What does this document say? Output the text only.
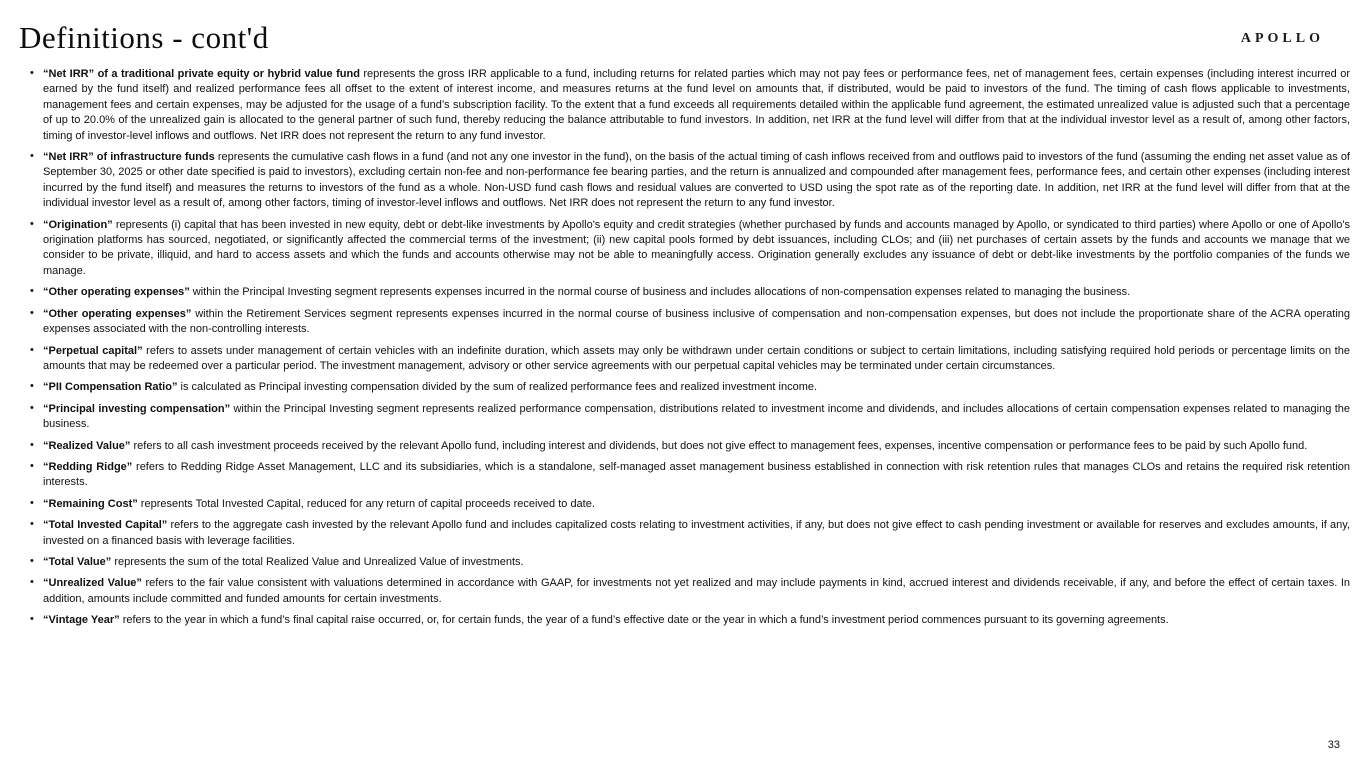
Definitions - cont'd	APOLLO
• “Net IRR” of a traditional private equity or hybrid value fund represents the gross IRR applicable to a fund, including returns for related parties which may not pay fees or performance fees, net of management fees, certain expenses (including interest incurred or earned by the fund itself) and realized performance fees all offset to the extent of interest income, and measures returns at the fund level on amounts that, if distributed, would be paid to investors of the fund. The timing of cash flows applicable to investments, management fees and certain expenses, may be adjusted for the usage of a fund’s subscription facility. To the extent that a fund exceeds all requirements detailed within the applicable fund agreement, the estimated unrealized value is adjusted such that a percentage of up to 20.0% of the unrealized gain is allocated to the general partner of such fund, thereby reducing the balance attributable to fund investors. In addition, net IRR at the fund level will differ from that at the individual investor level as a result of, among other factors, timing of investor-level inflows and outflows. Net IRR does not represent the return to any fund investor.
• “Net IRR” of infrastructure funds represents the cumulative cash flows in a fund (and not any one investor in the fund), on the basis of the actual timing of cash inflows received from and outflows paid to investors of the fund (assuming the ending net asset value as of September 30, 2025 or other date specified is paid to investors), excluding certain non-fee and non-performance fee bearing parties, and the return is annualized and compounded after management fees, performance fees, and certain other expenses (including interest incurred by the fund itself) and measures the returns to investors of the fund as a whole. Non-USD fund cash flows and residual values are converted to USD using the spot rate as of the reporting date. In addition, net IRR at the fund level will differ from that at the individual investor level as a result of, among other factors, timing of investor-level inflows and outflows. Net IRR does not represent the return to any fund investor.
• “Origination” represents (i) capital that has been invested in new equity, debt or debt-like investments by Apollo's equity and credit strategies (whether purchased by funds and accounts managed by Apollo, or syndicated to third parties) where Apollo or one of Apollo's origination platforms has sourced, negotiated, or significantly affected the commercial terms of the investment; (ii) new capital pools formed by debt issuances, including CLOs; and (iii) net purchases of certain assets by the funds and accounts we manage that we consider to be private, illiquid, and hard to access assets and which the funds and accounts otherwise may not be able to meaningfully access. Origination generally excludes any issuance of debt or debt-like investments by the portfolio companies of the funds we manage.
• “Other operating expenses” within the Principal Investing segment represents expenses incurred in the normal course of business and includes allocations of non-compensation expenses related to managing the business.
• “Other operating expenses” within the Retirement Services segment represents expenses incurred in the normal course of business inclusive of compensation and non-compensation expenses, but does not include the proportionate share of the ACRA operating expenses associated with the non-controlling interests.
• “Perpetual capital” refers to assets under management of certain vehicles with an indefinite duration, which assets may only be withdrawn under certain conditions or subject to certain limitations, including satisfying required hold periods or percentage limits on the amounts that may be redeemed over a particular period. The investment management, advisory or other service agreements with our perpetual capital vehicles may be terminated under certain circumstances.
• “PII Compensation Ratio” is calculated as Principal investing compensation divided by the sum of realized performance fees and realized investment income.
• “Principal investing compensation” within the Principal Investing segment represents realized performance compensation, distributions related to investment income and dividends, and includes allocations of certain compensation expenses related to managing the business.
• “Realized Value” refers to all cash investment proceeds received by the relevant Apollo fund, including interest and dividends, but does not give effect to management fees, expenses, incentive compensation or performance fees to be paid by such Apollo fund.
• “Redding Ridge” refers to Redding Ridge Asset Management, LLC and its subsidiaries, which is a standalone, self-managed asset management business established in connection with risk retention rules that manages CLOs and retains the required risk retention interests.
• “Remaining Cost” represents Total Invested Capital, reduced for any return of capital proceeds received to date.
• “Total Invested Capital” refers to the aggregate cash invested by the relevant Apollo fund and includes capitalized costs relating to investment activities, if any, but does not give effect to cash pending investment or available for reserves and excludes amounts, if any, invested on a financed basis with leverage facilities.
• “Total Value” represents the sum of the total Realized Value and Unrealized Value of investments.
• “Unrealized Value” refers to the fair value consistent with valuations determined in accordance with GAAP, for investments not yet realized and may include payments in kind, accrued interest and dividends receivable, if any, and before the effect of certain taxes. In addition, amounts include committed and funded amounts for certain investments.
• “Vintage Year” refers to the year in which a fund’s final capital raise occurred, or, for certain funds, the year of a fund’s effective date or the year in which a fund’s investment period commences pursuant to its governing agreements.
33
